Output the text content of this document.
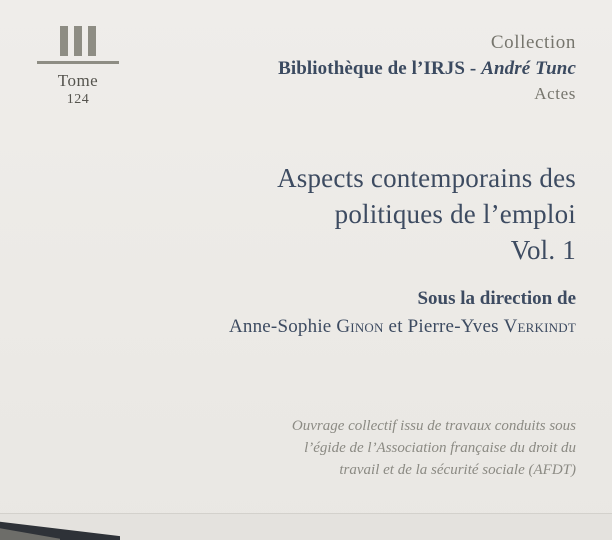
Tome
124
Collection
Bibliothèque de l’IRJS - André Tunc
Actes
Aspects contemporains des
politiques de l’emploi
Vol. 1
Sous la direction de
Anne-Sophie Ginon et Pierre-Yves Verkindt
Ouvrage collectif issu de travaux conduits sous
l’égide de l’Association française du droit du
travail et de la sécurité sociale (AFDT)
